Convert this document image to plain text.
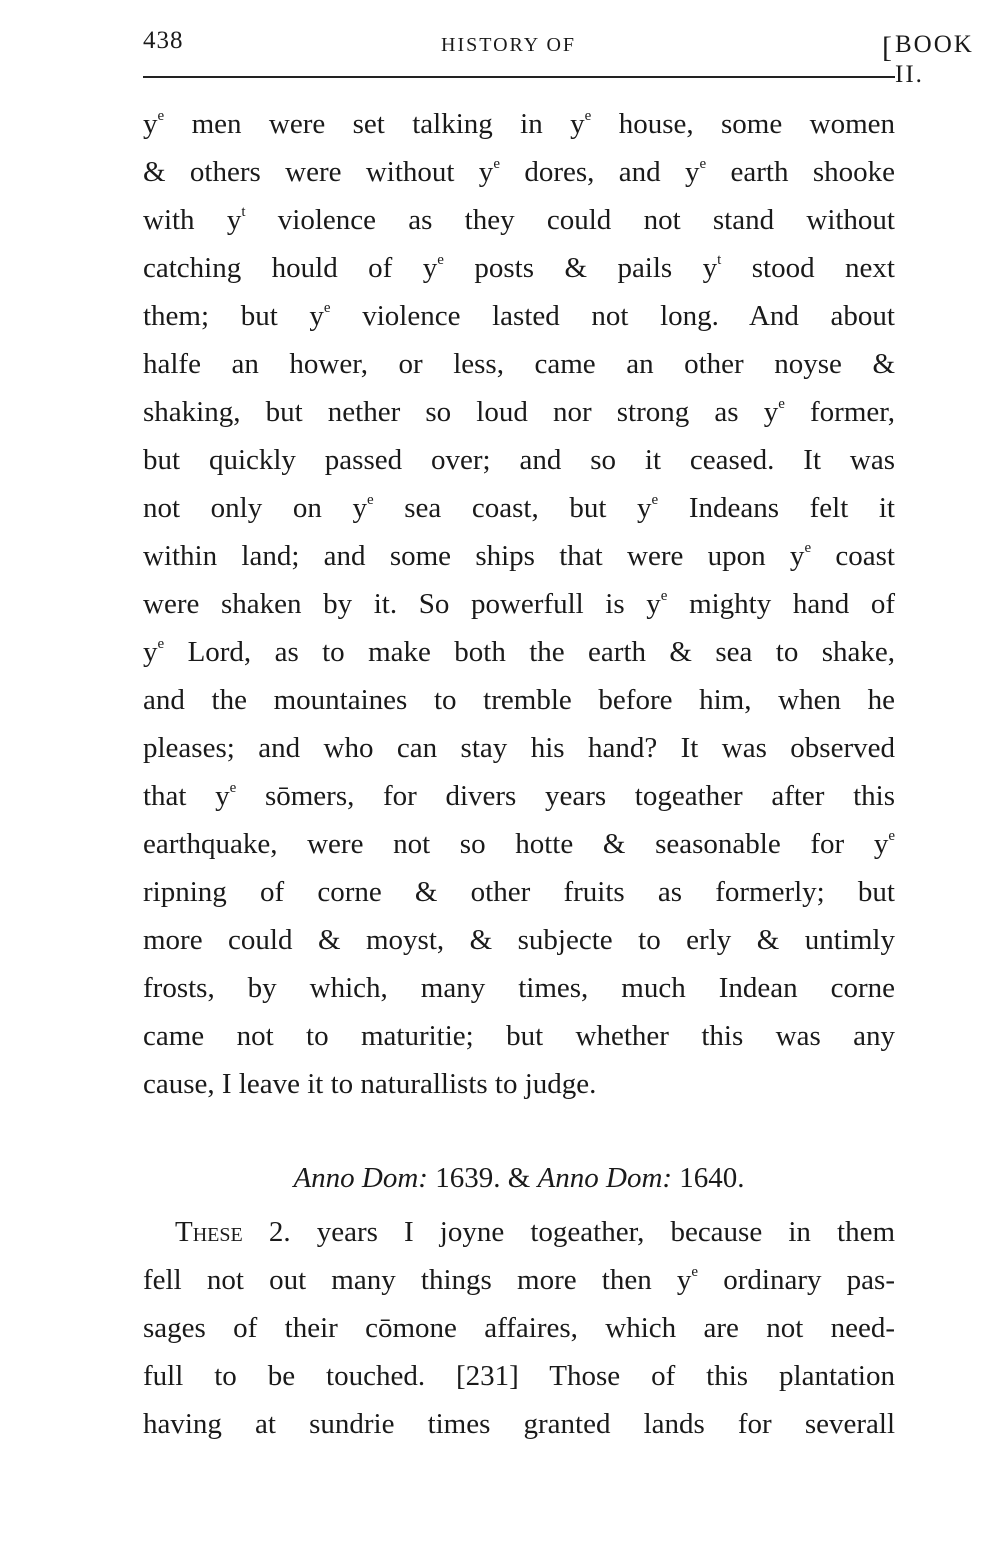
438	HISTORY OF	[ BOOK II.
$y^e$ men were set talking in $y^e$ house, some women
& others were without $y^e$ dores, and $y^e$ earth shooke
with $y^t$ violence as they could not stand without
catching hould of $y^e$ posts & pails $y^t$ stood next
them; but $y^e$ violence lasted not long. And about
halfe an hower, or less, came an other noyse &
shaking, but nether so loud nor strong as $y^e$ former,
but quickly passed over; and so it ceased. It was
not only on $y^e$ sea coast, but $y^e$ Indeans felt it
within land; and some ships that were upon $y^e$ coast
were shaken by it. So powerfull is $y^e$ mighty hand of
$y^e$ Lord, as to make both the earth & sea to shake,
and the mountaines to tremble before him, when he
pleases; and who can stay his hand? It was observed
that $y^e$ sōmers, for divers years togeather after this
earthquake, were not so hotte & seasonable for $y^e$
ripning of corne & other fruits as formerly; but
more could & moyst, & subjecte to erly & untimly
frosts, by which, many times, much Indean corne
came not to maturitie; but whether this was any
cause, I leave it to naturallists to judge.
Anno Dom: 1639. & Anno Dom: 1640.
These 2. years I joyne togeather, because in them
fell not out many things more then $y^e$ ordinary pas-
sages of their cōmone affaires, which are not need-
full to be touched. [231] Those of this plantation
having at sundrie times granted lands for severall
